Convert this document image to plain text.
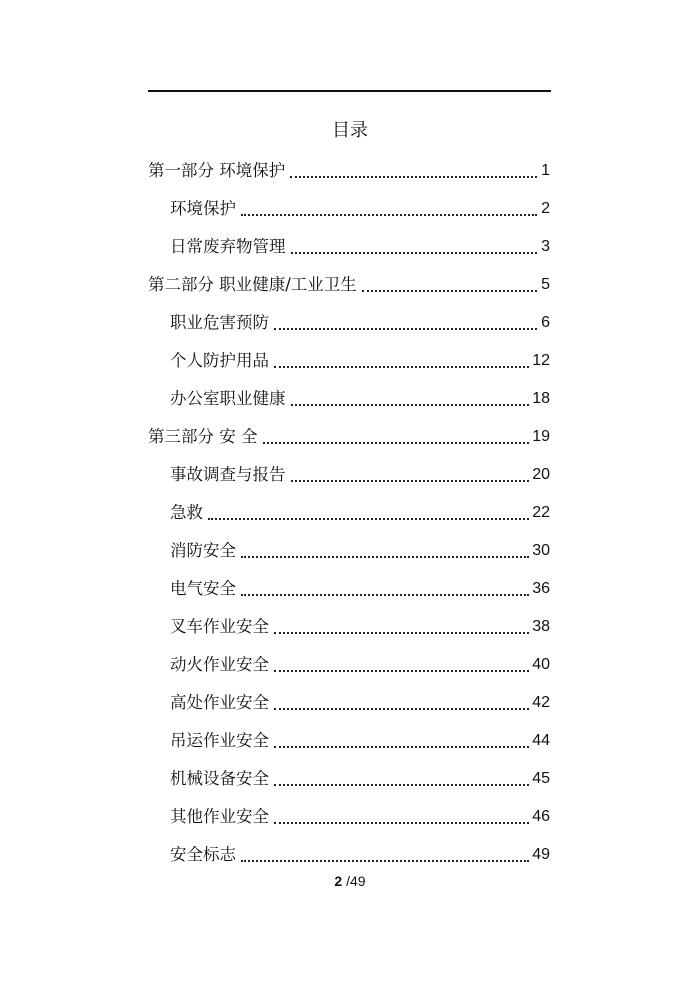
目录
第一部分 环境保护	1
环境保护	2
日常废弃物管理	3
第二部分 职业健康/工业卫生	5
职业危害预防	6
个人防护用品	12
办公室职业健康	18
第三部分 安 全	19
事故调查与报告	20
急救	22
消防安全	30
电气安全	36
叉车作业安全	38
动火作业安全	40
高处作业安全	42
吊运作业安全	44
机械设备安全	45
其他作业安全	46
安全标志	49
2 /49
